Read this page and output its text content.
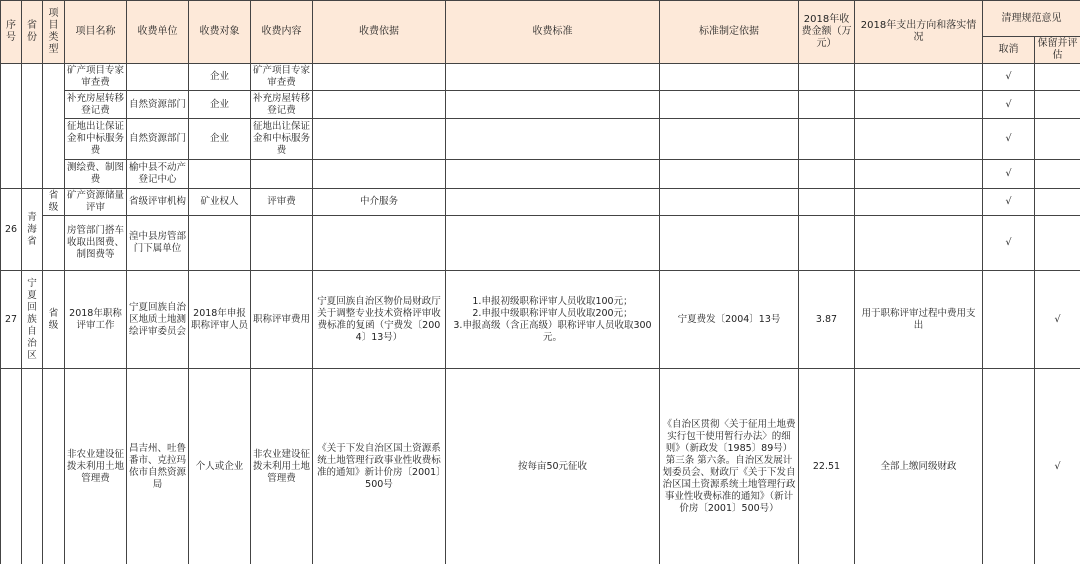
序号	省份	项目类型	项目名称	收费单位	收费对象	收费内容	收费依据	收费标准	标准制定依据	2018年收费金额（万元）	2018年支出方向和落实情况	清理规范意见	
												取消	保留并评估
			矿产项目专家审查费		企业	矿产项目专家审查费						√	
			补充房屋转移登记费	自然资源部门	企业	补充房屋转移登记费						√	
			征地出让保证金和中标服务费	自然资源部门	企业	征地出让保证金和中标服务费						√	
			测绘费、制图费	榆中县不动产登记中心								√	
26	青海省	省级	矿产资源储量评审	省级评审机构	矿业权人	评审费	中介服务					√	
			房管部门搭车收取出图费、制图费等	湟中县房管部门下属单位								√	
27	宁夏回族自治区	省级	2018年职称评审工作	宁夏回族自治区地质土地测绘评审委员会	2018年申报职称评审人员	职称评审费用	宁夏回族自治区物价局财政厅关于调整专业技术资格评审收费标准的复函（宁费发〔2004〕13号）	1.申报初级职称评审人员收取100元；
2.申报中级职称评审人员收取200元；
3.申报高级（含正高级）职称评审人员收取300元。	宁夏费发〔2004〕13号	3.87	用于职称评审过程中费用支出		√
			非农业建设征拨未利用土地管理费	昌吉州、吐鲁番市、克拉玛依市自然资源局	个人或企业	非农业建设征拨未利用土地管理费	《关于下发自治区国土资源系统土地管理行政事业性收费标准的通知》新计价房〔2001〕500号	按每亩50元征收	《自治区贯彻〈关于征用土地费实行包干使用暂行办法〉的细则》（新政发〔1985〕89号）第三条 第六条。自治区发展计划委员会、财政厅《关于下发自治区国土资源系统土地管理行政事业性收费标准的通知》（新计价房〔2001〕500号）	22.51	全部上缴同级财政		√
